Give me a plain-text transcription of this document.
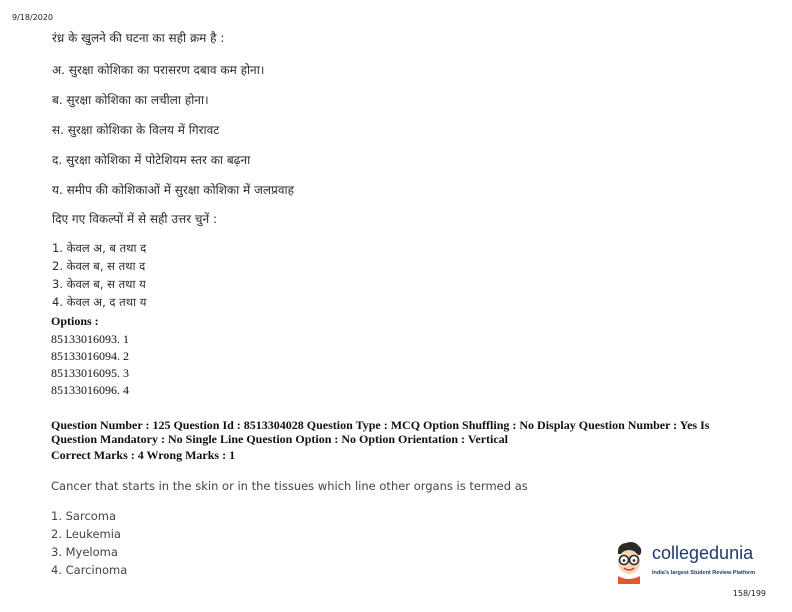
9/18/2020
रंध्र के खुलने की घटना का सही क्रम है :
अ. सुरक्षा कोशिका का परासरण दबाव कम होना।
ब. सुरक्षा कोशिका का लचीला होना।
स. सुरक्षा कोशिका के विलय में गिरावट
द. सुरक्षा कोशिका में पोटेशियम स्तर का बढ़ना
य. समीप की कोशिकाओं में सुरक्षा कोशिका में जलप्रवाह
दिए गए विकल्पों में से सही उत्तर चुनें :
1. केवल अ, ब तथा द
2. केवल ब, स तथा द
3. केवल ब, स तथा य
4. केवल अ, द तथा य
Options :
85133016093. 1
85133016094. 2
85133016095. 3
85133016096. 4
Question Number : 125 Question Id : 8513304028 Question Type : MCQ Option Shuffling : No Display Question Number : Yes Is
Question Mandatory : No Single Line Question Option : No Option Orientation : Vertical
Correct Marks : 4 Wrong Marks : 1
Cancer that starts in the skin or in the tissues which line other organs is termed as
1. Sarcoma
2. Leukemia
3. Myeloma
4. Carcinoma
collegedunia
India's largest Student Review Platform
158/199
